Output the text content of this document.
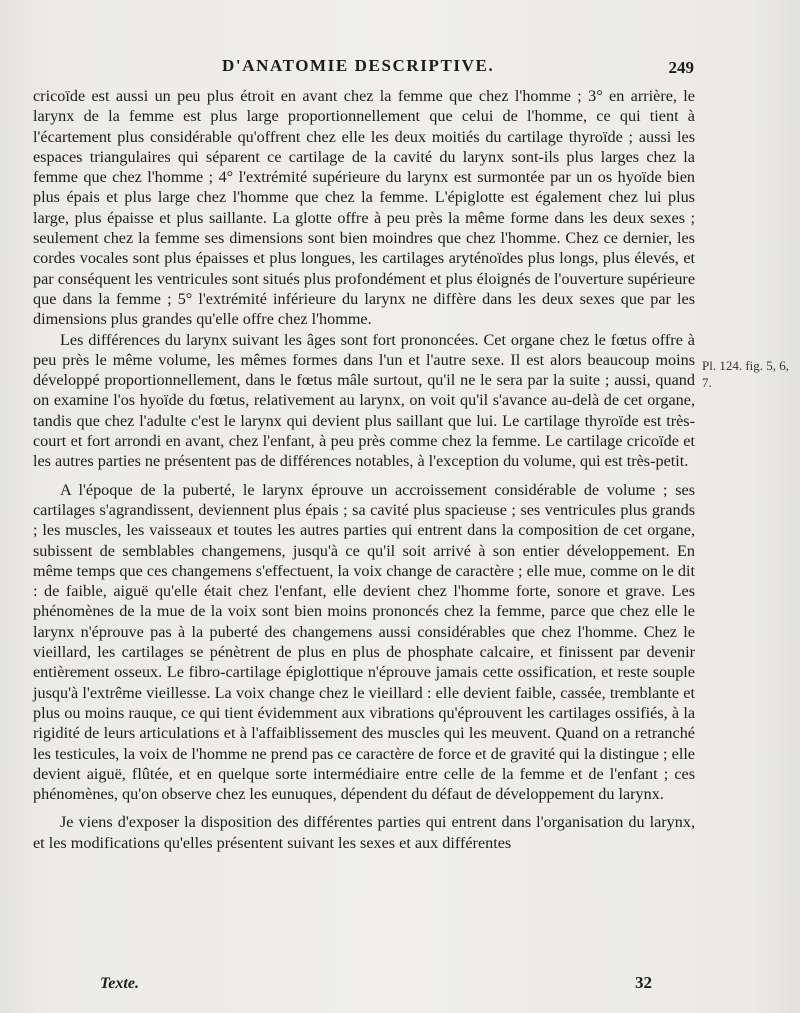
D'ANATOMIE DESCRIPTIVE.	249

cricoïde est aussi un peu plus étroit en avant chez la femme que chez l'homme ; 3° en arrière, le larynx de la femme est plus large proportionnellement que celui de l'homme, ce qui tient à l'écartement plus considérable qu'offrent chez elle les deux moitiés du cartilage thyroïde ; aussi les espaces triangulaires qui séparent ce cartilage de la cavité du larynx sont-ils plus larges chez la femme que chez l'homme ; 4° l'extrémité supérieure du larynx est surmontée par un os hyoïde bien plus épais et plus large chez l'homme que chez la femme. L'épiglotte est également chez lui plus large, plus épaisse et plus saillante. La glotte offre à peu près la même forme dans les deux sexes ; seulement chez la femme ses dimensions sont bien moindres que chez l'homme. Chez ce dernier, les cordes vocales sont plus épaisses et plus longues, les cartilages aryténoïdes plus longs, plus élevés, et par conséquent les ventricules sont situés plus profondément et plus éloignés de l'ouverture supérieure que dans la femme ; 5° l'extrémité inférieure du larynx ne diffère dans les deux sexes que par les dimensions plus grandes qu'elle offre chez l'homme.

Les différences du larynx suivant les âges sont fort prononcées. Cet organe chez le fœtus offre à peu près le même volume, les mêmes formes dans l'un et l'autre sexe. Il est alors beaucoup moins développé proportionnellement, dans le fœtus mâle surtout, qu'il ne le sera par la suite ; aussi, quand on examine l'os hyoïde du fœtus, relativement au larynx, on voit qu'il s'avance au-delà de cet organe, tandis que chez l'adulte c'est le larynx qui devient plus saillant que lui. Le cartilage thyroïde est très-court et fort arrondi en avant, chez l'enfant, à peu près comme chez la femme. Le cartilage cricoïde et les autres parties ne présentent pas de différences notables, à l'exception du volume, qui est très-petit.

A l'époque de la puberté, le larynx éprouve un accroissement considérable de volume ; ses cartilages s'agrandissent, deviennent plus épais ; sa cavité plus spacieuse ; ses ventricules plus grands ; les muscles, les vaisseaux et toutes les autres parties qui entrent dans la composition de cet organe, subissent de semblables changemens, jusqu'à ce qu'il soit arrivé à son entier développement. En même temps que ces changemens s'effectuent, la voix change de caractère ; elle mue, comme on le dit : de faible, aiguë qu'elle était chez l'enfant, elle devient chez l'homme forte, sonore et grave. Les phénomènes de la mue de la voix sont bien moins prononcés chez la femme, parce que chez elle le larynx n'éprouve pas à la puberté des changemens aussi considérables que chez l'homme. Chez le vieillard, les cartilages se pénètrent de plus en plus de phosphate calcaire, et finissent par devenir entièrement osseux. Le fibro-cartilage épiglottique n'éprouve jamais cette ossification, et reste souple jusqu'à l'extrême vieillesse. La voix change chez le vieillard : elle devient faible, cassée, tremblante et plus ou moins rauque, ce qui tient évidemment aux vibrations qu'éprouvent les cartilages ossifiés, à la rigidité de leurs articulations et à l'affaiblissement des muscles qui les meuvent. Quand on a retranché les testicules, la voix de l'homme ne prend pas ce caractère de force et de gravité qui la distingue ; elle devient aiguë, flûtée, et en quelque sorte intermédiaire entre celle de la femme et de l'enfant ; ces phénomènes, qu'on observe chez les eunuques, dépendent du défaut de développement du larynx.

Je viens d'exposer la disposition des différentes parties qui entrent dans l'organisation du larynx, et les modifications qu'elles présentent suivant les sexes et aux différentes

Pl. 124. fig. 5, 6, 7.
Texte.	32
